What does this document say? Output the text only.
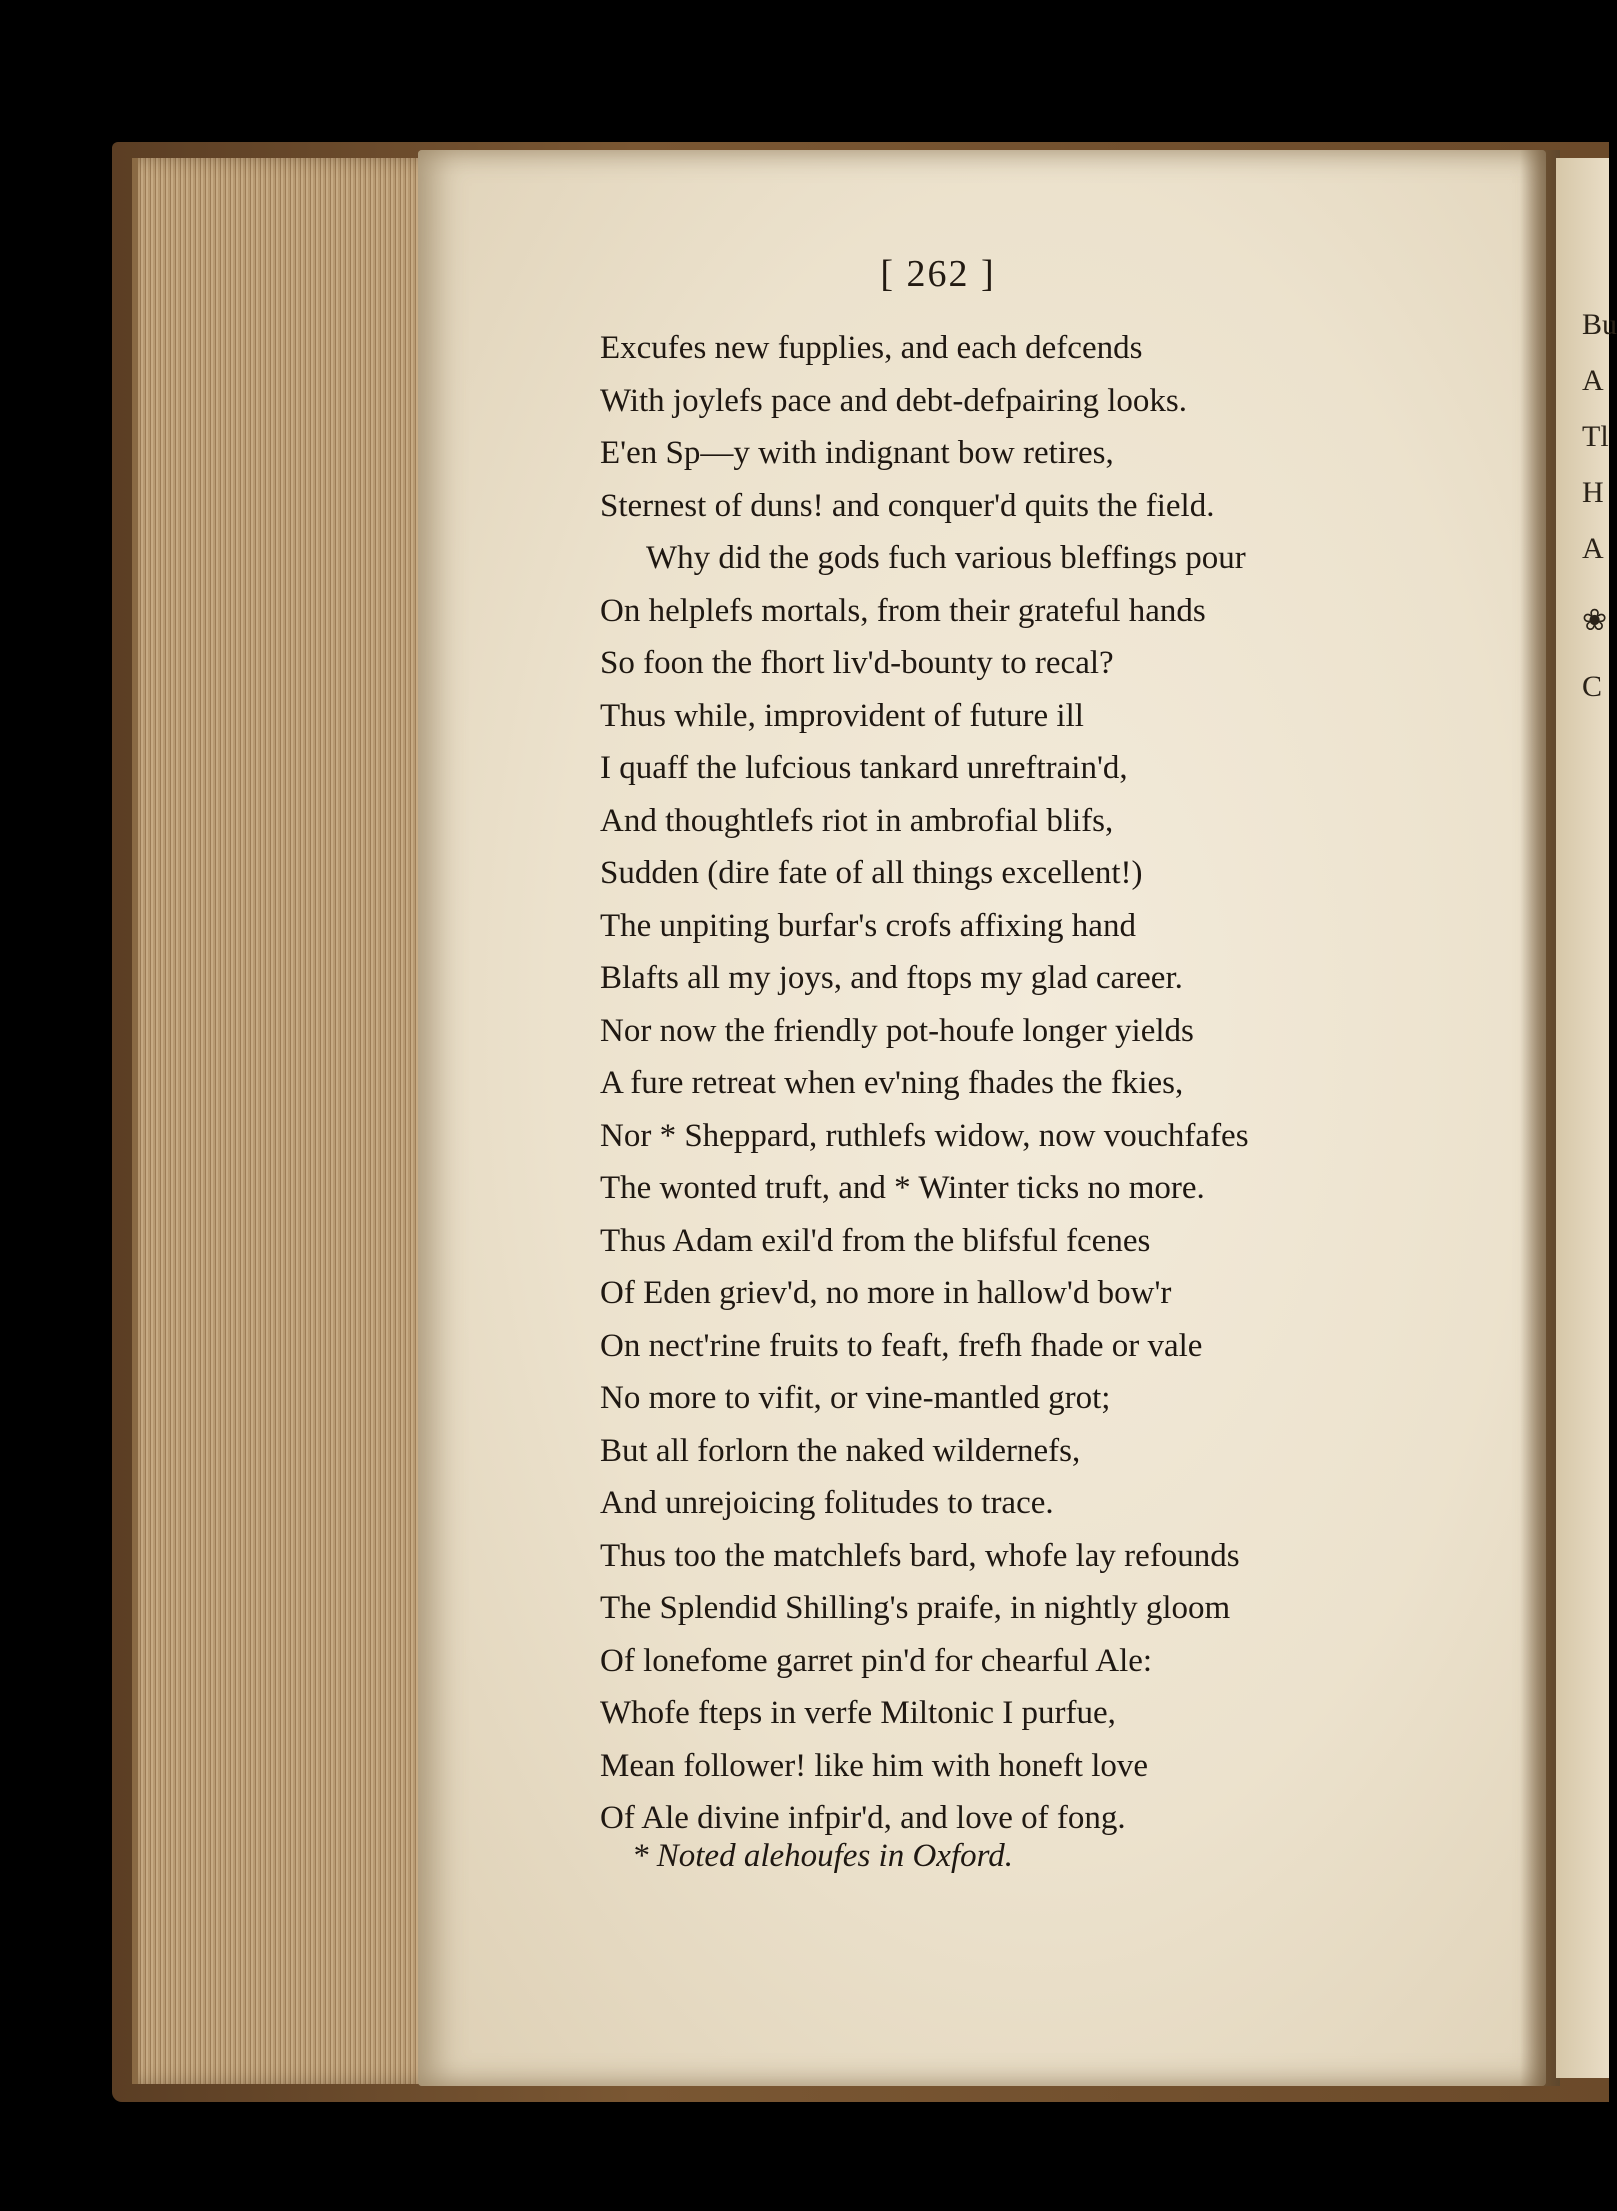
Bu
A
Tl
H
A
❀
C
[ 262 ]
Excufes new fupplies, and each defcends
With joylefs pace and debt-defpairing looks.
E'en Sp—y with indignant bow retires,
Sternest of duns! and conquer'd quits the field.
Why did the gods fuch various bleffings pour
On helplefs mortals, from their grateful hands
So foon the fhort liv'd-bounty to recal?
Thus while, improvident of future ill
I quaff the lufcious tankard unreftrain'd,
And thoughtlefs riot in ambrofial blifs,
Sudden (dire fate of all things excellent!)
The unpiting burfar's crofs affixing hand
Blafts all my joys, and ftops my glad career.
Nor now the friendly pot-houfe longer yields
A fure retreat when ev'ning fhades the fkies,
Nor * Sheppard, ruthlefs widow, now vouchfafes
The wonted truft, and * Winter ticks no more.
Thus Adam exil'd from the blifsful fcenes
Of Eden griev'd, no more in hallow'd bow'r
On nect'rine fruits to feaft, frefh fhade or vale
No more to vifit, or vine-mantled grot;
But all forlorn the naked wildernefs,
And unrejoicing folitudes to trace.
Thus too the matchlefs bard, whofe lay refounds
The Splendid Shilling's praife, in nightly gloom
Of lonefome garret pin'd for chearful Ale:
Whofe fteps in verfe Miltonic I purfue,
Mean follower! like him with honeft love
Of Ale divine infpir'd, and love of fong.
* Noted alehoufes in Oxford.
